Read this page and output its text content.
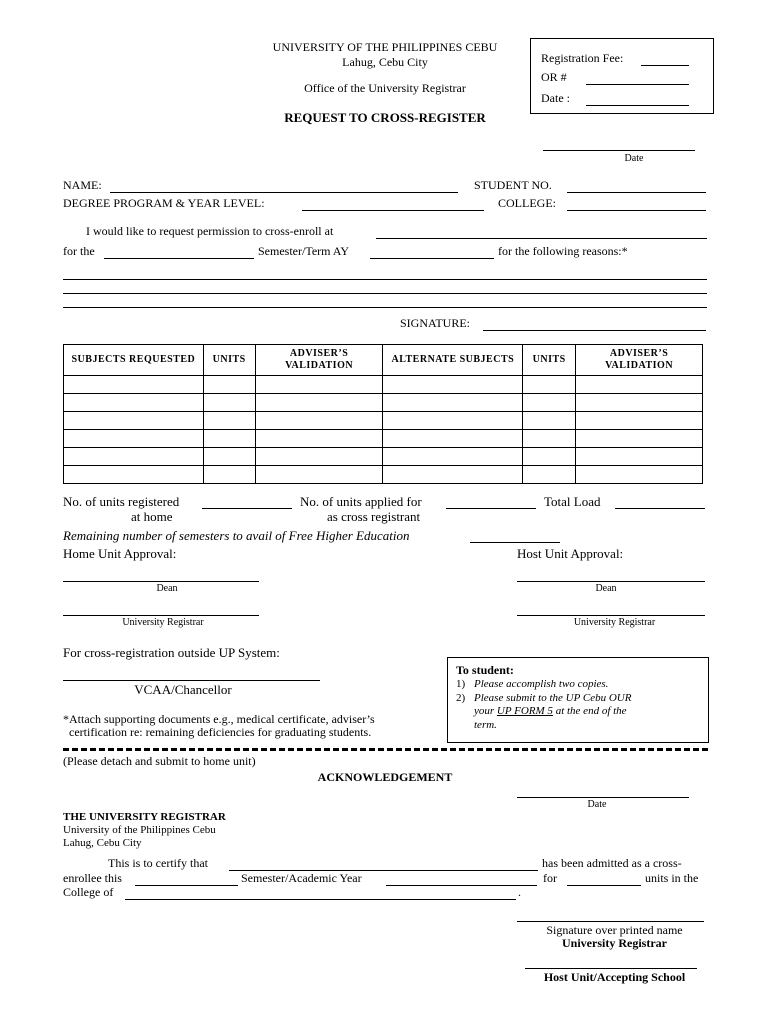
UNIVERSITY OF THE PHILIPPINES CEBU
Lahug, Cebu City
Office of the University Registrar
REQUEST TO CROSS-REGISTER
Registration Fee:
OR #
Date :
Date
NAME:	STUDENT NO.
DEGREE PROGRAM & YEAR LEVEL:	COLLEGE:
I would like to request permission to cross-enroll at
for the	Semester/Term AY	for the following reasons:*
SIGNATURE:
SUBJECTS REQUESTED	UNITS	ADVISER’S VALIDATION	ALTERNATE SUBJECTS	UNITS	ADVISER’S VALIDATION

No. of units registered
at home
No. of units applied for
as cross registrant
Total Load
Remaining number of semesters to avail of Free Higher Education
Home Unit Approval:	Host Unit Approval:
Dean	Dean
University Registrar	University Registrar
For cross-registration outside UP System:
VCAA/Chancellor
*Attach supporting documents e.g., medical certificate, adviser’s
certification re: remaining deficiencies for graduating students.
To student:
1) Please accomplish two copies.
2) Please submit to the UP Cebu OUR
your UP FORM 5 at the end of the
term.
(Please detach and submit to home unit)
ACKNOWLEDGEMENT
Date
THE UNIVERSITY REGISTRAR
University of the Philippines Cebu
Lahug, Cebu City
This is to certify that	has been admitted as a cross-
enrollee this	Semester/Academic Year	for	units in the
College of	.
Signature over printed name
University Registrar
Host Unit/Accepting School
